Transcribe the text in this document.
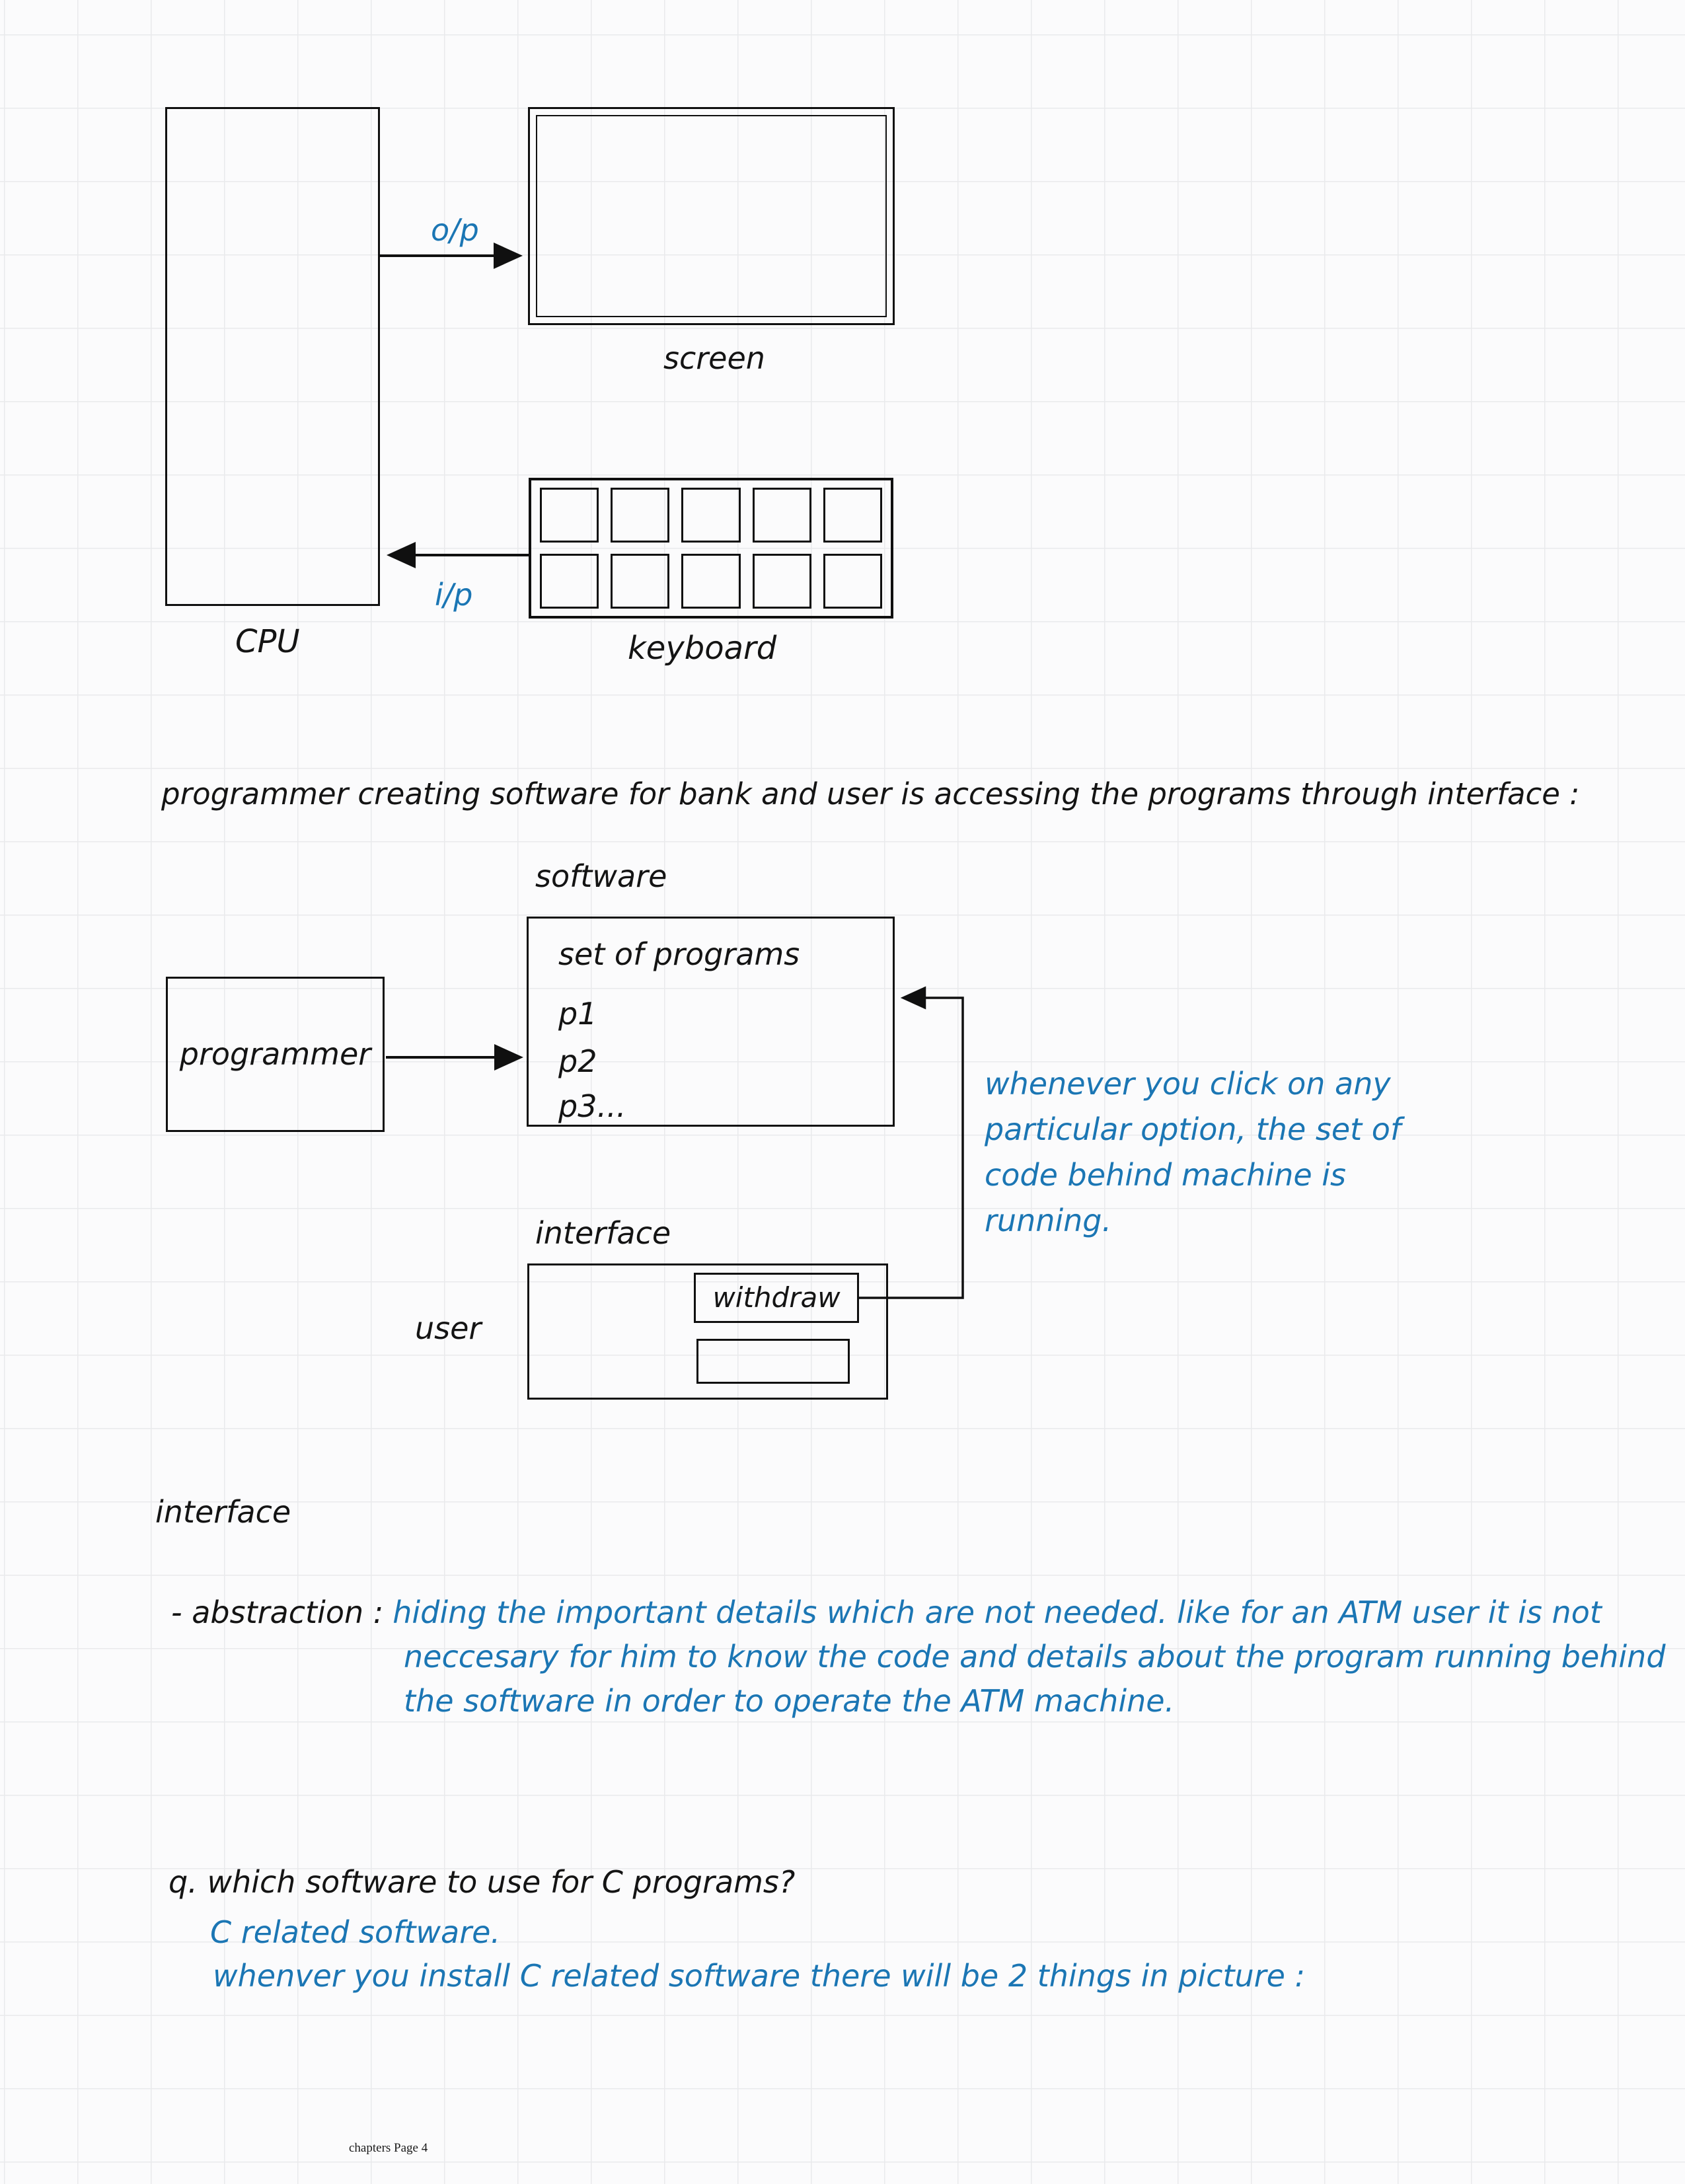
CPU
screen
keyboard
o/p
i/p
programmer creating software for bank and user is accessing the programs through interface :
software
set of programs
p1
p2
p3...
programmer
whenever you click on any
particular option, the set of
code behind machine is
running.
interface
withdraw
user
interface
- abstraction : hiding the important details which are not needed. like for an ATM user it is not
neccesary for him to know the code and details about the program running behind
the software in order to operate the ATM machine.
q. which software to use for C programs?
C related software.
whenver you install C related software there will be 2 things in picture :
chapters Page 4
